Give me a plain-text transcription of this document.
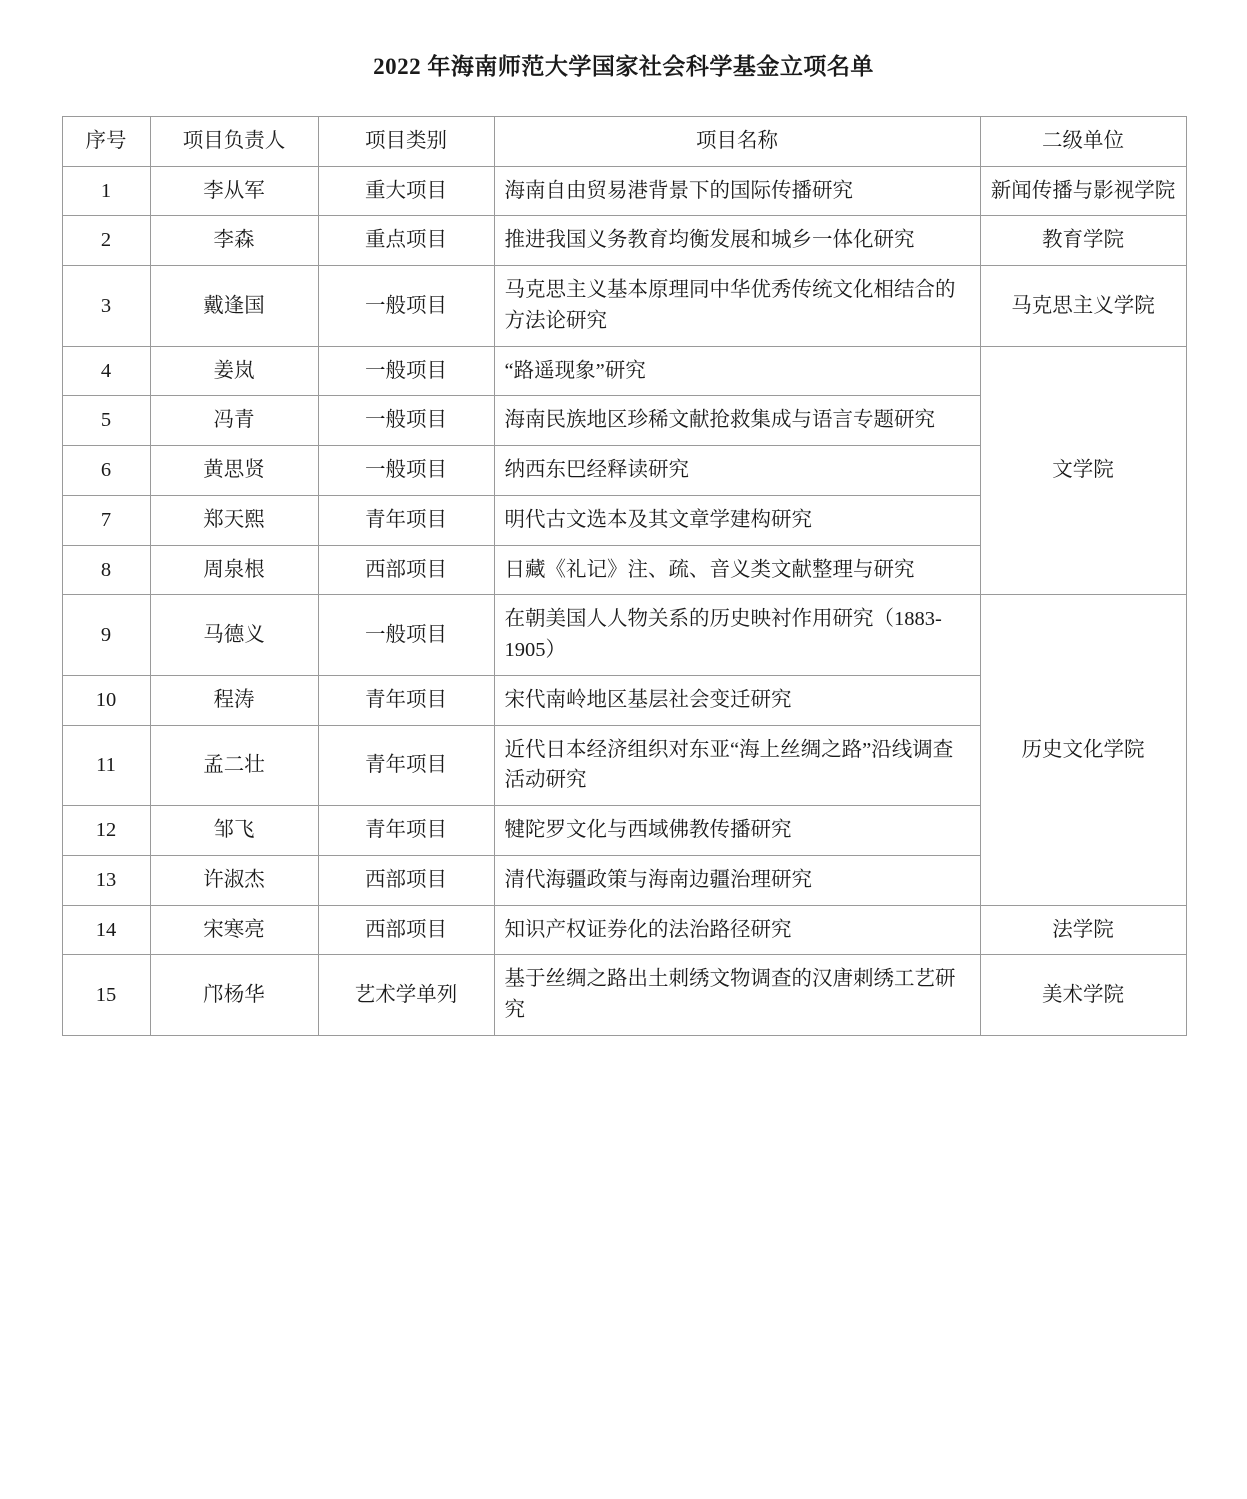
2022 年海南师范大学国家社会科学基金立项名单
序号	项目负责人	项目类别	项目名称	二级单位
1	李从军	重大项目	海南自由贸易港背景下的国际传播研究	新闻传播与影视学院
2	李森	重点项目	推进我国义务教育均衡发展和城乡一体化研究	教育学院
3	戴逢国	一般项目	马克思主义基本原理同中华优秀传统文化相结合的方法论研究	马克思主义学院
4	姜岚	一般项目	“路遥现象”研究	文学院
5	冯青	一般项目	海南民族地区珍稀文献抢救集成与语言专题研究	
6	黄思贤	一般项目	纳西东巴经释读研究	
7	郑天熙	青年项目	明代古文选本及其文章学建构研究	
8	周泉根	西部项目	日藏《礼记》注、疏、音义类文献整理与研究	
9	马德义	一般项目	在朝美国人人物关系的历史映衬作用研究（1883-1905）	历史文化学院
10	程涛	青年项目	宋代南岭地区基层社会变迁研究	
11	孟二壮	青年项目	近代日本经济组织对东亚“海上丝绸之路”沿线调查活动研究	
12	邹飞	青年项目	犍陀罗文化与西域佛教传播研究	
13	许淑杰	西部项目	清代海疆政策与海南边疆治理研究	
14	宋寒亮	西部项目	知识产权证券化的法治路径研究	法学院
15	邝杨华	艺术学单列	基于丝绸之路出土刺绣文物调查的汉唐刺绣工艺研究	美术学院
